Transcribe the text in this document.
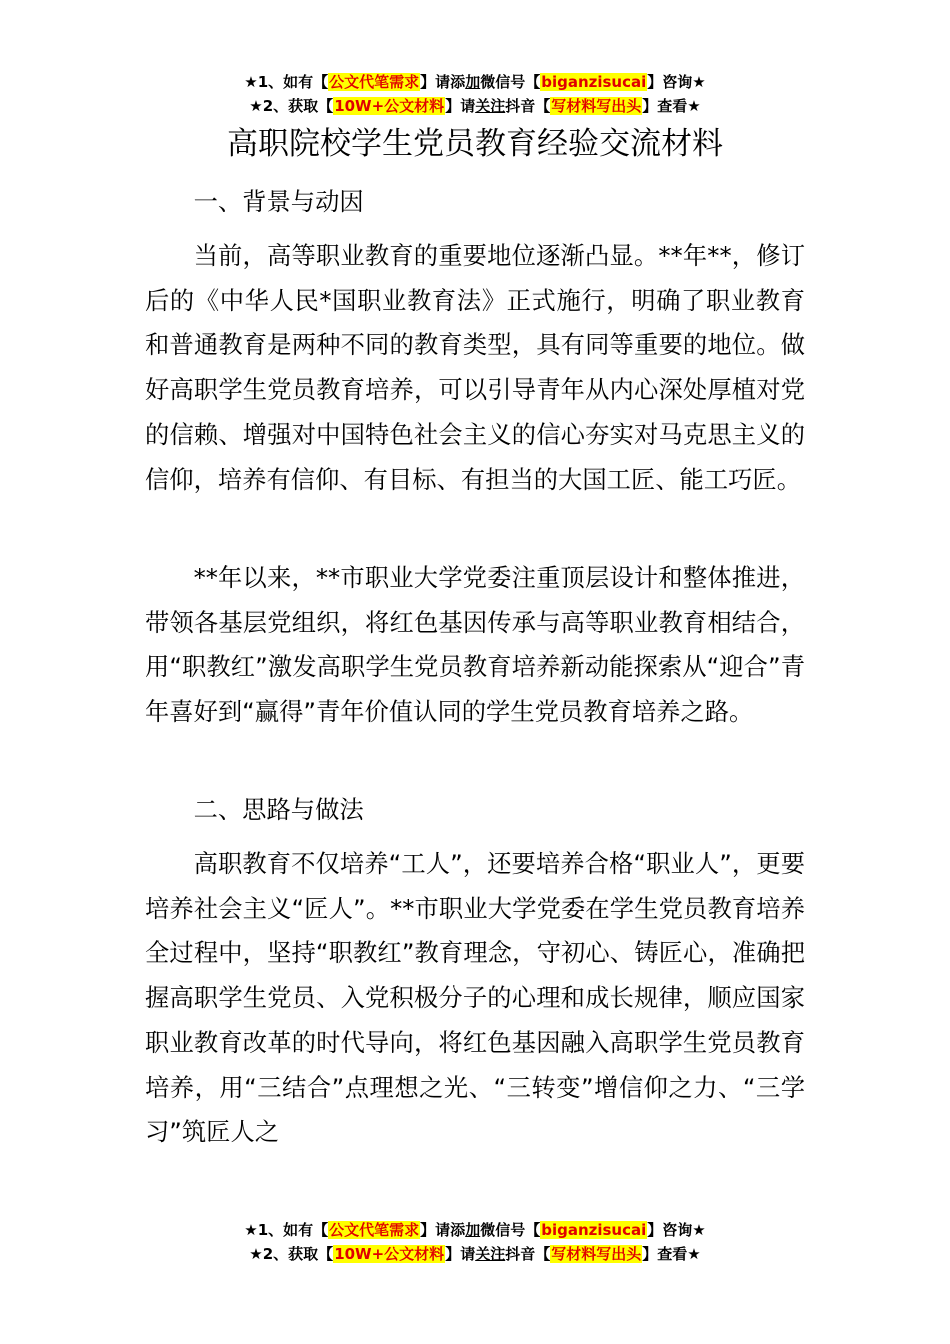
★1、如有【公文代笔需求】请添加微信号【biganzisucai】咨询★
★2、获取【10W+公文材料】请关注抖音【写材料写出头】查看★
高职院校学生党员教育经验交流材料

一、背景与动因

当前，高等职业教育的重要地位逐渐凸显。**年**，修订后的《中华人民*国职业教育法》正式施行，明确了职业教育和普通教育是两种不同的教育类型，具有同等重要的地位。做好高职学生党员教育培养，可以引导青年从内心深处厚植对党的信赖、增强对中国特色社会主义的信心夯实对马克思主义的信仰，培养有信仰、有目标、有担当的大国工匠、能工巧匠。

**年以来，**市职业大学党委注重顶层设计和整体推进，带领各基层党组织，将红色基因传承与高等职业教育相结合，用“职教红”激发高职学生党员教育培养新动能探索从“迎合”青年喜好到“赢得”青年价值认同的学生党员教育培养之路。

二、思路与做法

高职教育不仅培养“工人”，还要培养合格“职业人”，更要培养社会主义“匠人”。**市职业大学党委在学生党员教育培养全过程中，坚持“职教红”教育理念，守初心、铸匠心，准确把握高职学生党员、入党积极分子的心理和成长规律，顺应国家职业教育改革的时代导向，将红色基因融入高职学生党员教育培养，用“三结合”点理想之光、“三转变”增信仰之力、“三学习”筑匠人之

★1、如有【公文代笔需求】请添加微信号【biganzisucai】咨询★
★2、获取【10W+公文材料】请关注抖音【写材料写出头】查看★
